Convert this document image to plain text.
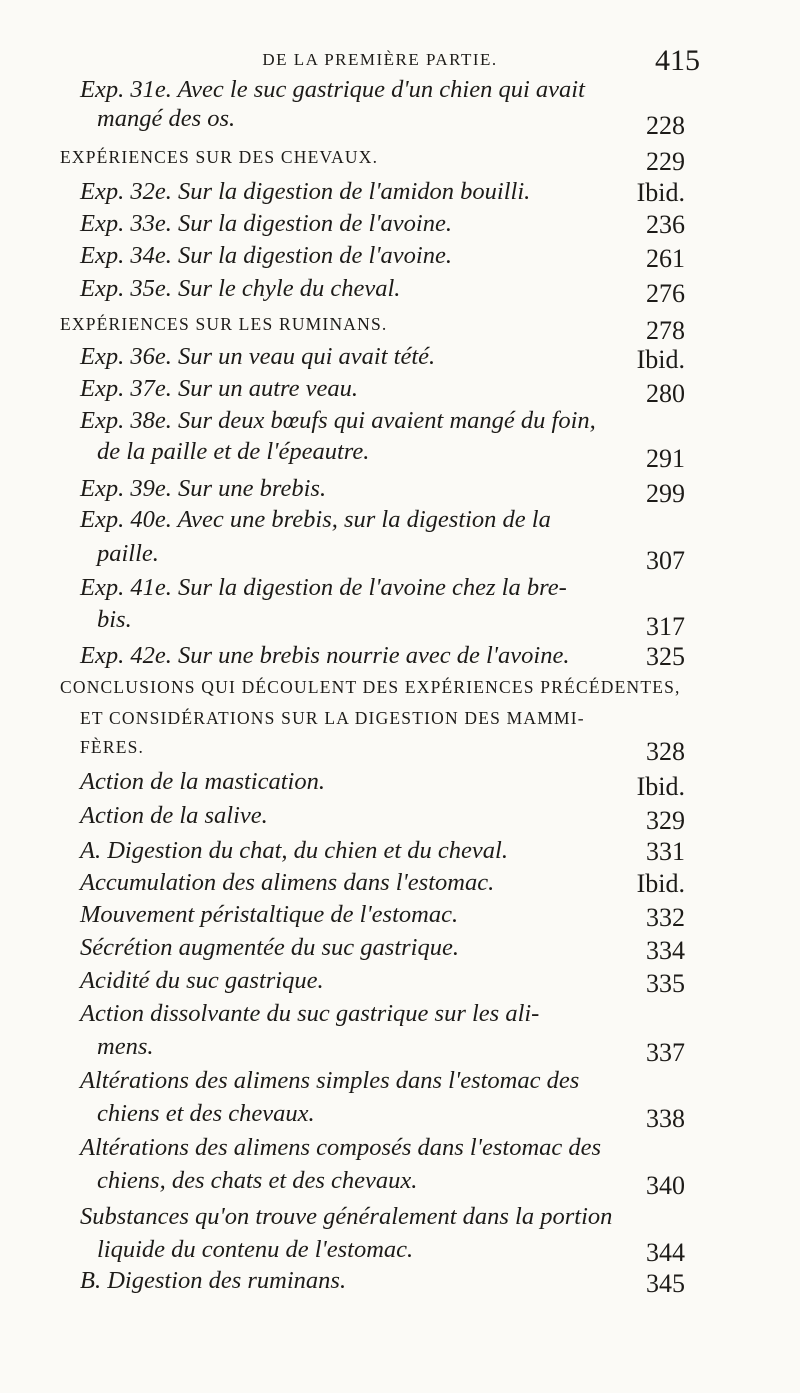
DE LA PREMIÈRE PARTIE.	415
Exp. 31e. Avec le suc gastrique d'un chien qui avait
mangé des os.	228
EXPÉRIENCES SUR DES CHEVAUX.	229
Exp. 32e. Sur la digestion de l'amidon bouilli.	Ibid.
Exp. 33e. Sur la digestion de l'avoine.	236
Exp. 34e. Sur la digestion de l'avoine.	261
Exp. 35e. Sur le chyle du cheval.	276
EXPÉRIENCES SUR LES RUMINANS.	278
Exp. 36e. Sur un veau qui avait tété.	Ibid.
Exp. 37e. Sur un autre veau.	280
Exp. 38e. Sur deux bœufs qui avaient mangé du foin,
de la paille et de l'épeautre.	291
Exp. 39e. Sur une brebis.	299
Exp. 40e. Avec une brebis, sur la digestion de la
paille.	307
Exp. 41e. Sur la digestion de l'avoine chez la bre-
bis.	317
Exp. 42e. Sur une brebis nourrie avec de l'avoine.	325
CONCLUSIONS QUI DÉCOULENT DES EXPÉRIENCES PRÉCÉDENTES,
ET CONSIDÉRATIONS SUR LA DIGESTION DES MAMMI-
FÈRES.	328
Action de la mastication.	Ibid.
Action de la salive.	329
A. Digestion du chat, du chien et du cheval.	331
Accumulation des alimens dans l'estomac.	Ibid.
Mouvement péristaltique de l'estomac.	332
Sécrétion augmentée du suc gastrique.	334
Acidité du suc gastrique.	335
Action dissolvante du suc gastrique sur les ali-
mens.	337
Altérations des alimens simples dans l'estomac des
chiens et des chevaux.	338
Altérations des alimens composés dans l'estomac des
chiens, des chats et des chevaux.	340
Substances qu'on trouve généralement dans la portion
liquide du contenu de l'estomac.	344
B. Digestion des ruminans.	345
